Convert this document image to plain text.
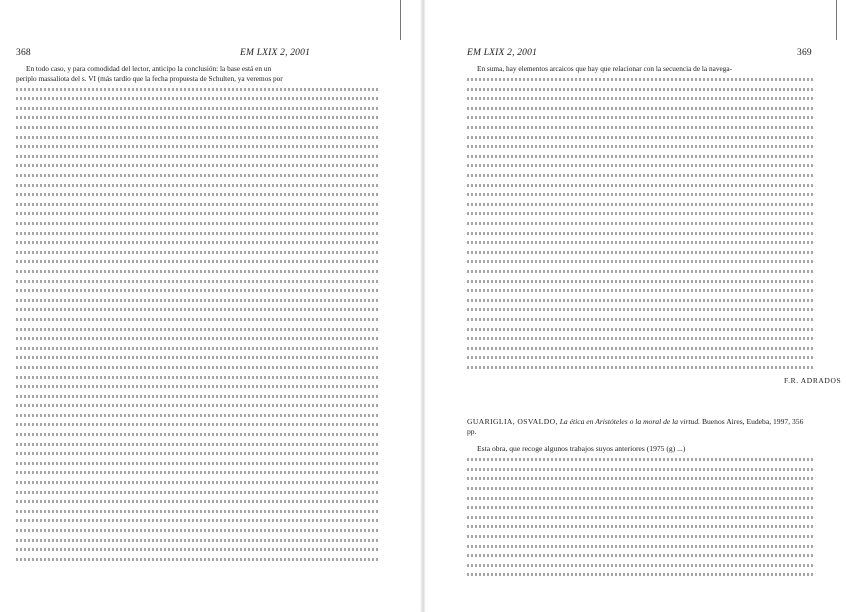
368	EM LXIX 2, 2001
En todo caso, y para comodidad del lector, anticipo la conclusión: la base está en un
periplo massaliota del s. VI (más tardío que la fecha propuesta de Schulten, ya veremos por
EM LXIX 2, 2001	369
En suma, hay elementos arcaicos que hay que relacionar con la secuencia de la navega-
F.R. ADRADOS
GUARIGLIA, OSVALDO, La ética en Aristóteles o la moral de la virtud. Buenos Aires, Eudeba, 1997, 356 pp.
Esta obra, que recoge algunos trabajos suyos anteriores (1975 (g) ...)
